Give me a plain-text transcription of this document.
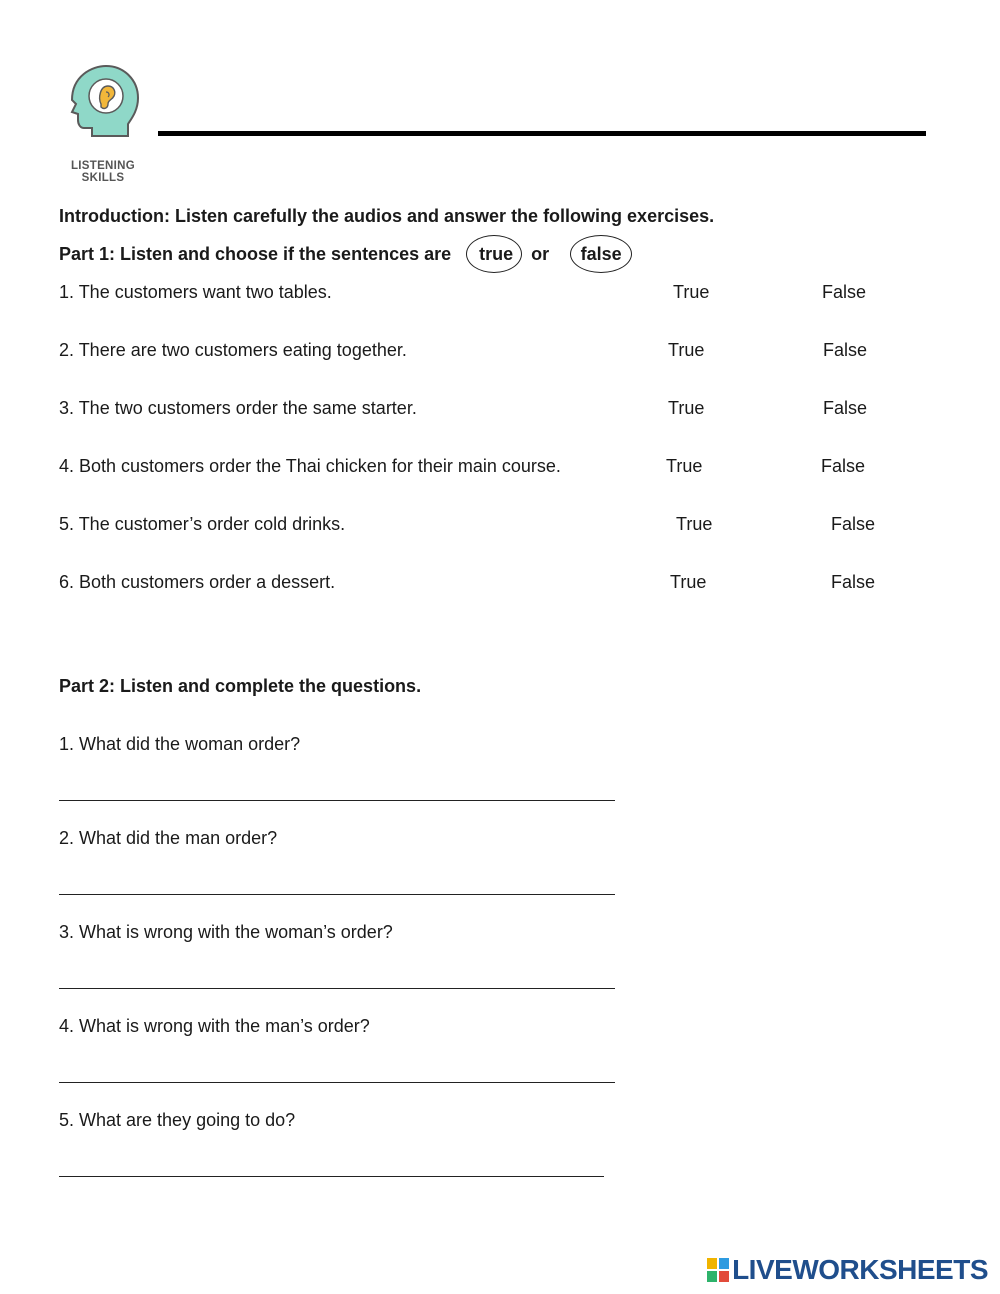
LISTENING
SKILLS
Introduction: Listen carefully the audios and answer the following exercises.
Part 1: Listen and choose if the sentences are true or false
1. The customers want two tables.	True	False
2. There are two customers eating together.	True	False
3. The two customers order the same starter.	True	False
4. Both customers order the Thai chicken for their main course.	True	False
5. The customer’s order cold drinks.	True	False
6. Both customers order a dessert.	True	False
Part 2: Listen and complete the questions.
1. What did the woman order?
2. What did the man order?
3. What is wrong with the woman’s order?
4. What is wrong with the man’s order?
5. What are they going to do?
LIVEWORKSHEETS
